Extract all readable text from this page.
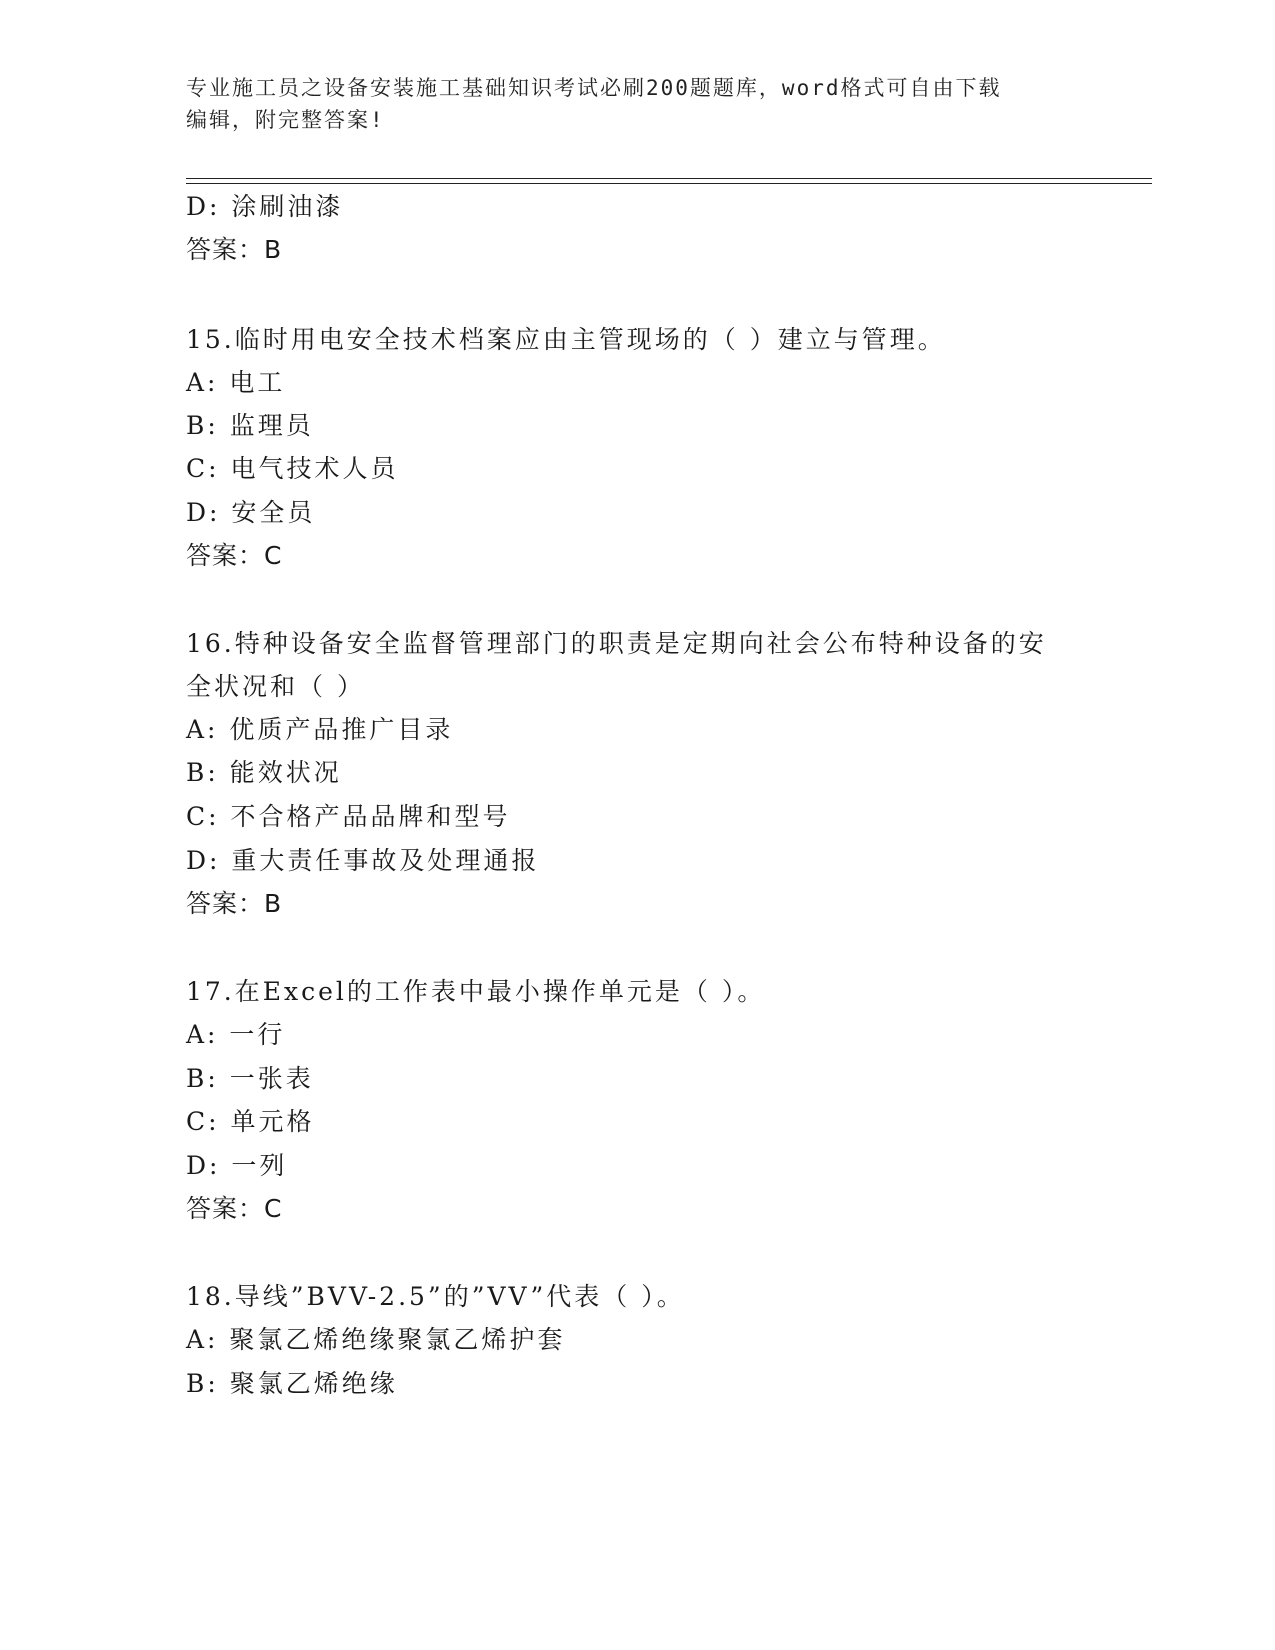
专业施工员之设备安装施工基础知识考试必刷200题题库，word格式可自由下载
编辑，附完整答案!
D: 涂刷油漆
答案：B
15.临时用电安全技术档案应由主管现场的（ ）建立与管理。
A: 电工
B: 监理员
C: 电气技术人员
D: 安全员
答案：C
16.特种设备安全监督管理部门的职责是定期向社会公布特种设备的安
全状况和（ ）
A: 优质产品推广目录
B: 能效状况
C: 不合格产品品牌和型号
D: 重大责任事故及处理通报
答案：B
17.在Excel的工作表中最小操作单元是（ ）。
A: 一行
B: 一张表
C: 单元格
D: 一列
答案：C
18.导线”BVV-2.5”的”VV”代表（ ）。
A: 聚氯乙烯绝缘聚氯乙烯护套
B: 聚氯乙烯绝缘
